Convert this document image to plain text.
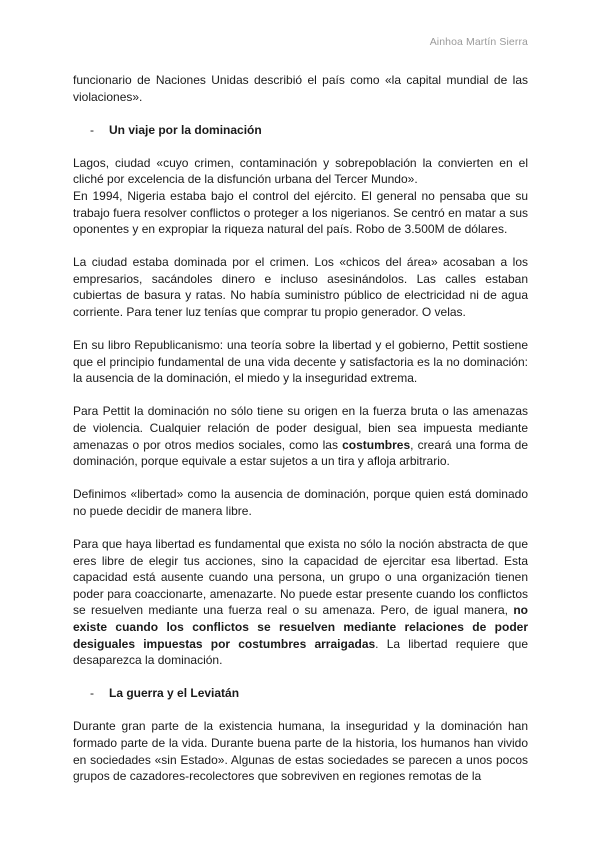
Ainhoa Martín Sierra

funcionario de Naciones Unidas describió el país como «la capital mundial de las violaciones».

-	Un viaje por la dominación

Lagos, ciudad «cuyo crimen, contaminación y sobrepoblación la convierten en el cliché por excelencia de la disfunción urbana del Tercer Mundo».

En 1994, Nigeria estaba bajo el control del ejército. El general no pensaba que su trabajo fuera resolver conflictos o proteger a los nigerianos. Se centró en matar a sus oponentes y en expropiar la riqueza natural del país. Robo de 3.500M de dólares.

La ciudad estaba dominada por el crimen. Los «chicos del área» acosaban a los empresarios, sacándoles dinero e incluso asesinándolos. Las calles estaban cubiertas de basura y ratas. No había suministro público de electricidad ni de agua corriente. Para tener luz tenías que comprar tu propio generador. O velas.

En su libro Republicanismo: una teoría sobre la libertad y el gobierno, Pettit sostiene que el principio fundamental de una vida decente y satisfactoria es la no dominación: la ausencia de la dominación, el miedo y la inseguridad extrema.

Para Pettit la dominación no sólo tiene su origen en la fuerza bruta o las amenazas de violencia. Cualquier relación de poder desigual, bien sea impuesta mediante amenazas o por otros medios sociales, como las costumbres, creará una forma de dominación, porque equivale a estar sujetos a un tira y afloja arbitrario.

Definimos «libertad» como la ausencia de dominación, porque quien está dominado no puede decidir de manera libre.

Para que haya libertad es fundamental que exista no sólo la noción abstracta de que eres libre de elegir tus acciones, sino la capacidad de ejercitar esa libertad. Esta capacidad está ausente cuando una persona, un grupo o una organización tienen poder para coaccionarte, amenazarte. No puede estar presente cuando los conflictos se resuelven mediante una fuerza real o su amenaza. Pero, de igual manera, no existe cuando los conflictos se resuelven mediante relaciones de poder desiguales impuestas por costumbres arraigadas. La libertad requiere que desaparezca la dominación.

-	La guerra y el Leviatán

Durante gran parte de la existencia humana, la inseguridad y la dominación han formado parte de la vida. Durante buena parte de la historia, los humanos han vivido en sociedades «sin Estado». Algunas de estas sociedades se parecen a unos pocos grupos de cazadores-recolectores que sobreviven en regiones remotas de la
